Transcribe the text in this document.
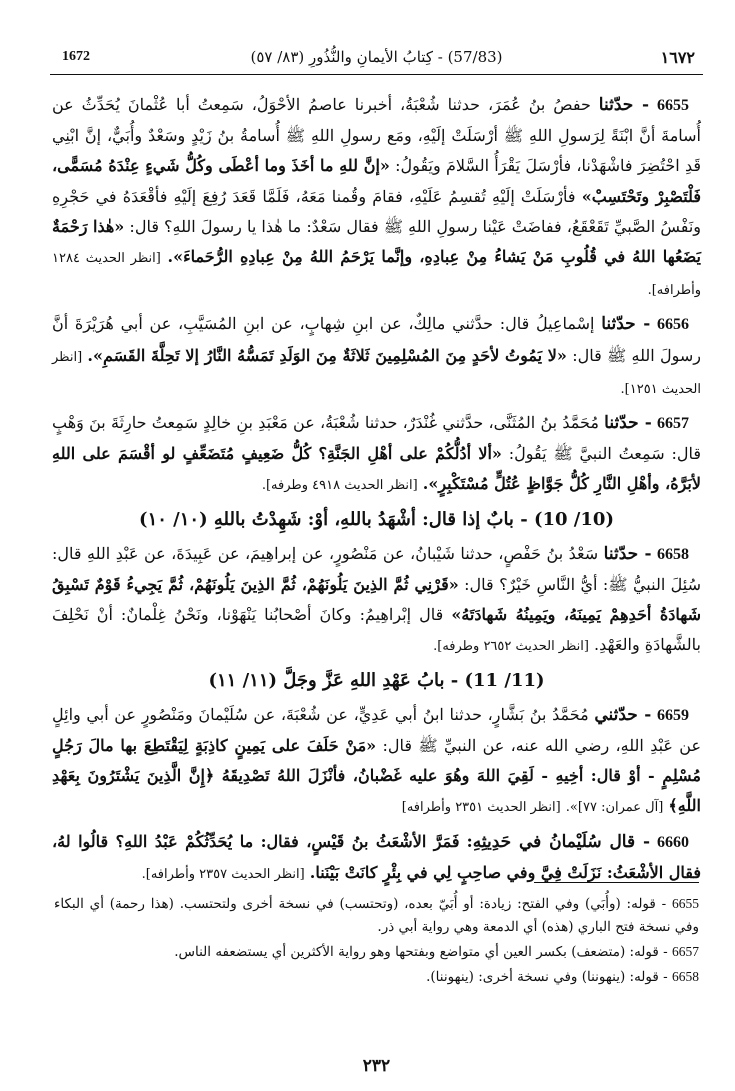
1672	(57/83) - كِتابُ الأيمانِ والنُّذُورِ (٨٣/ ٥٧)	١٦٧٢

6655 - حدّثنا حفصُ بنُ عُمَرَ، حدثنا شُعْبَةُ، أخبرنا عاصمُ الأحْوَلُ، سَمِعتُ أبا عُثْمانَ يُحَدِّثُ عن أُسامةَ أنَّ ابْنَةً لِرَسولِ اللهِ ﷺ أرْسَلَتْ إلَيْهِ، ومَع رسولِ اللهِ ﷺ أُسامةُ بنُ زَيْدٍ وسَعْدٌ وأُبَيٌّ، إنَّ ابْنِي قَدِ احْتُضِرَ فاشْهَدْنا، فأرْسَلَ يَقْرَأُ السَّلامَ ويَقُولُ: «إنَّ للهِ ما أخَذَ وما أعْطَى وكُلُّ شَيءٍ عِنْدَهُ مُسَمًّى، فَلْتَصْبِرْ وتَحْتَسِبْ» فأرْسَلَتْ إلَيْهِ تُقسِمُ عَلَيْهِ، فقامَ وقُمنا مَعَهُ، فَلَمَّا قَعَدَ رُفِعَ إلَيْهِ فأقْعَدَهُ في حَجْرِهِ ونَفْسُ الصَّبيِّ تَقَعْقَعُ، ففاضَتْ عَيْنا رسولِ اللهِ ﷺ فقال سَعْدٌ: ما هٰذا يا رسولَ اللهِ؟ قال: «هٰذا رَحْمَةٌ يَضَعُها اللهُ في قُلُوبِ مَنْ يَشاءُ مِنْ عِبادِهِ، وإنَّما يَرْحَمُ اللهُ مِنْ عِبادِهِ الرُّحَماءَ». [انظر الحديث ١٢٨٤ وأطرافه].

6656 - حدّثنا إسْماعِيلُ قال: حدَّثني مالِكٌ، عن ابنِ شِهابٍ، عن ابنِ المُسَيَّبِ، عن أبي هُرَيْرَةَ أنَّ رسولَ اللهِ ﷺ قال: «لا يَمُوتُ لأحَدٍ مِنَ المُسْلِمِينَ ثَلاثَةٌ مِنَ الوَلَدِ تَمَسُّهُ النَّارُ إلا تَحِلَّةَ القَسَمِ». [انظر الحديث ١٢٥١].

6657 - حدّثنا مُحَمَّدُ بنُ المُثَنَّى، حدَّثني غُنْدَرٌ، حدثنا شُعْبَةُ، عن مَعْبَدِ بنِ خالِدٍ سَمِعتُ حارِثَةَ بنَ وَهْبٍ قال: سَمِعتُ النبيَّ ﷺ يَقُولُ: «ألا أدُلُّكُمْ على أهْلِ الجَنَّةِ؟ كُلُّ ضَعِيفٍ مُتَضَعِّفٍ لو أقْسَمَ على اللهِ لأبَرَّهُ، وأهْلِ النَّارِ كُلُّ جَوَّاظٍ عُتُلٍّ مُسْتَكْبِرٍ». [انظر الحديث ٤٩١٨ وطرفه].

(10/ 10) - بابٌ إذا قال: أشْهَدُ باللهِ، أوْ: شَهِدْتُ باللهِ (١٠/ ١٠)

6658 - حدّثنا سَعْدُ بنُ حَفْصٍ، حدثنا شَيْبانُ، عن مَنْصُورٍ، عن إبراهِيمَ، عن عَبِيدَةَ، عن عَبْدِ اللهِ قال: سُئِلَ النبيُّ ﷺ: أيُّ النَّاسِ خَيْرٌ؟ قال: «قَرْنِي ثُمَّ الذِينَ يَلُونَهُمْ، ثُمَّ الذِينَ يَلُونَهُمْ، ثُمَّ يَجِيءُ قَوْمٌ تَسْبِقُ شَهادَةُ أحَدِهِمْ يَمِينَهُ، ويَمِينُهُ شَهادَتَهُ» قال إبْراهِيمُ: وكانَ أصْحابُنا يَنْهَوْنا، ونَحْنُ غِلْمانٌ: أنْ نَحْلِفَ بالشَّهادَةِ والعَهْدِ. [انظر الحديث ٢٦٥٢ وطرفه].

(11/ 11) - بابُ عَهْدِ اللهِ عَزَّ وجَلَّ (١١/ ١١)

6659 - حدّثني مُحَمَّدُ بنُ بَشَّارٍ، حدثنا ابنُ أبي عَدِيٍّ، عن شُعْبَةَ، عن سُلَيْمانَ ومَنْصُورٍ عن أبي وائِلٍ عن عَبْدِ اللهِ، رضي الله عنه، عن النبيِّ ﷺ قال: «مَنْ حَلَفَ على يَمِينٍ كاذِبَةٍ لِيَقْتَطِعَ بها مالَ رَجُلٍ مُسْلِمٍ - أوْ قال: أخِيهِ - لَقِيَ اللهَ وهُوَ عليه غَضْبانُ، فأنْزَلَ اللهُ تَصْدِيقَهُ ﴿إِنَّ الَّذِينَ يَشْتَرُونَ بِعَهْدِ اللَّهِ﴾ [آل عمران: ٧٧]». [انظر الحديث ٢٣٥١ وأطرافه]

6660 - قال سُلَيْمانُ في حَدِيثِهِ: فَمَرَّ الأشْعَثُ بنُ قَيْسٍ، فقال: ما يُحَدِّثُكُمْ عَبْدُ اللهِ؟ قالُوا لهُ، فقال الأشْعَثُ: نَزَلَتْ فِيَّ وفي صاحِبٍ لِي في بِئْرٍ كانَتْ بَيْنَنا. [انظر الحديث ٢٣٥٧ وأطرافه].

6655 - قوله: (وأُبَي) وفي الفتح: زيادة: أو أُبَيّ بعده، (وتحتسب) في نسخة أخرى ولتحتسب. (هذا رحمة) أي البكاء وفي نسخة فتح الباري (هذه) أي الدمعة وهي رواية أبي ذر.

6657 - قوله: (متضعف) بكسر العين أي متواضع وبفتحها وهو رواية الأكثرين أي يستضعفه الناس.

6658 - قوله: (ينهوننا) وفي نسخة أخرى: (ينهوننا).

٢٣٢
